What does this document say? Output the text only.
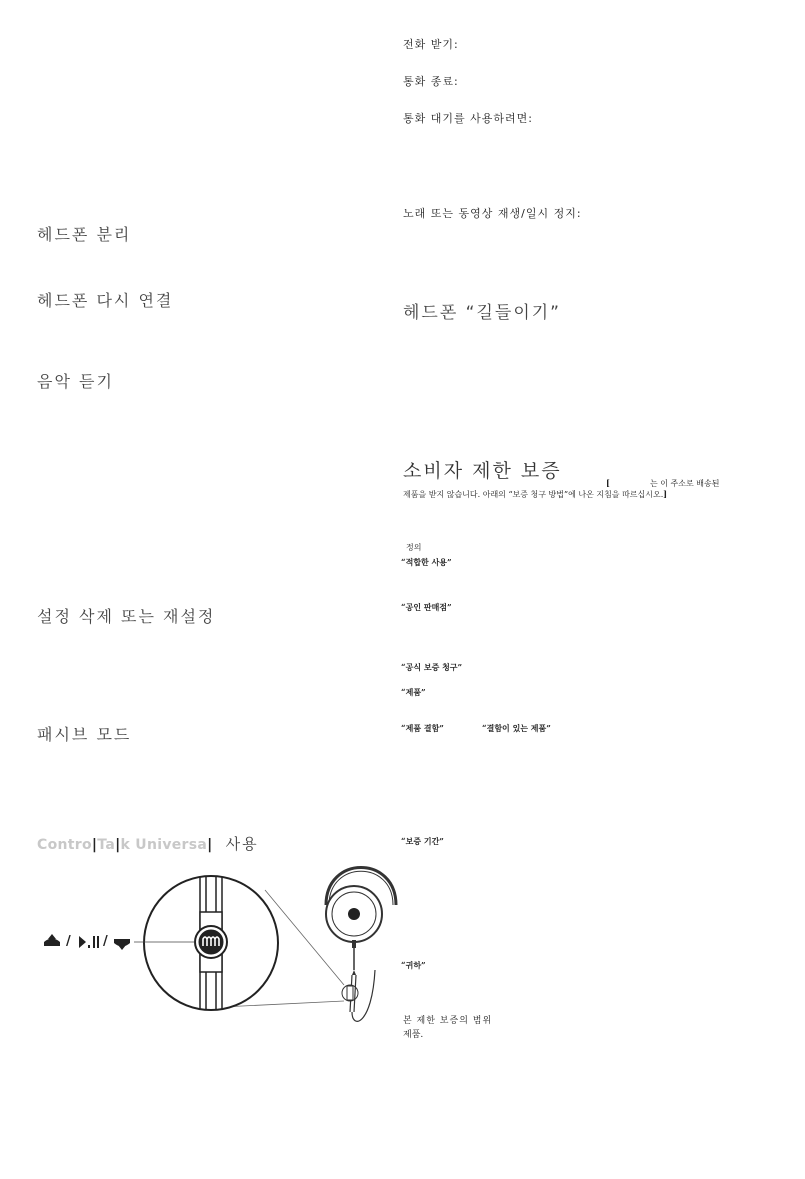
헤드폰 분리
헤드폰 다시 연결
음악 듣기
설정 삭제 또는 재설정
패시브 모드
Contro|Ta|k Universa| 사용
/ /
전화 받기:
통화 종료:
통화 대기를 사용하려면:
노래 또는 동영상 재생/일시 정지:
헤드폰 “길들이기”
소비자 제한 보증
[	는 이 주소로 배송된
제품을 받지 않습니다. 아래의 “보증 청구 방법”에 나온 지침을 따르십시오.]
정의
“적합한 사용”
“공인 판매점”
“공식 보증 청구”
“제품”
“제품 결함”	“결함이 있는 제품”
“보증 기간”
“귀하”
본 제한 보증의 범위
제품.
